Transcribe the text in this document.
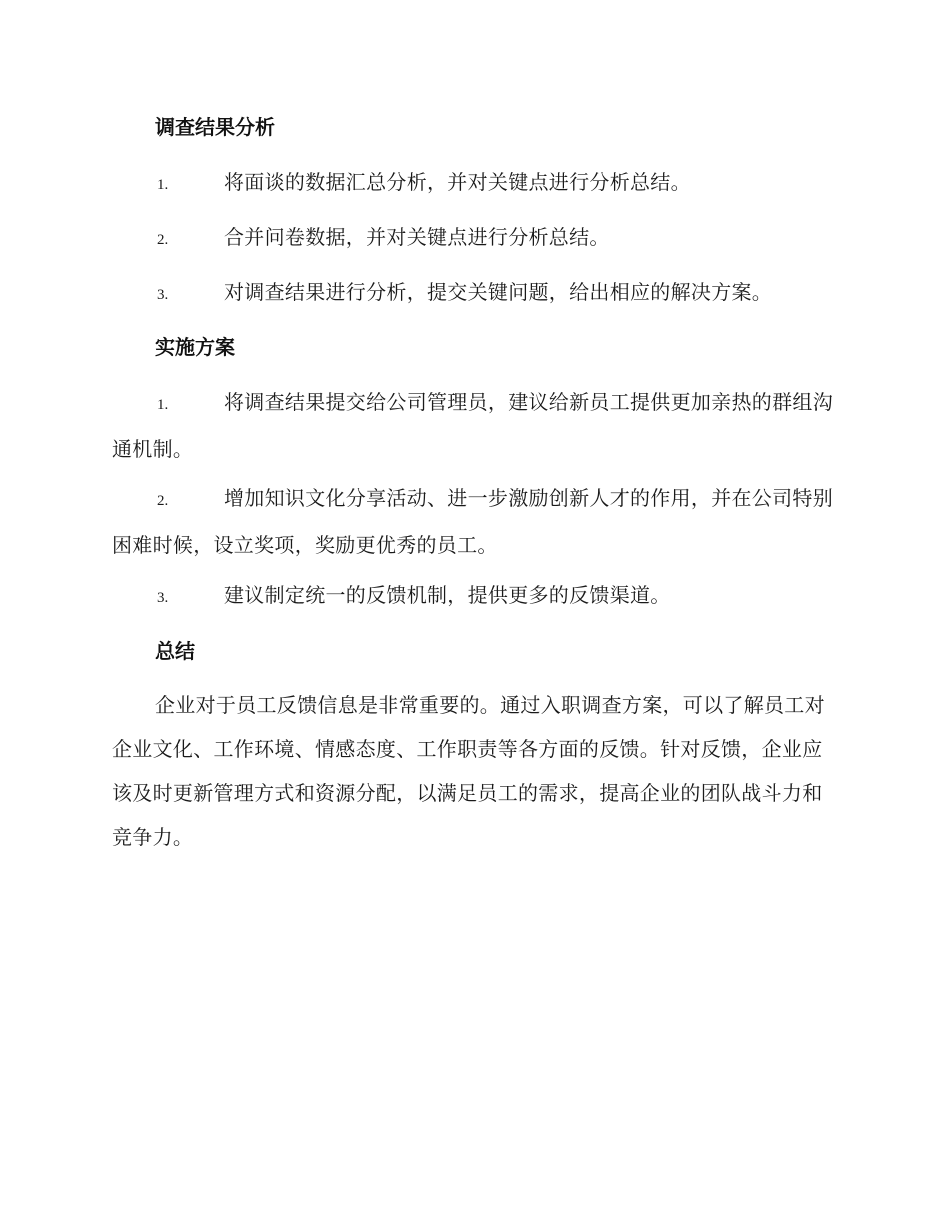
调查结果分析
1.	将面谈的数据汇总分析，并对关键点进行分析总结。
2.	合并问卷数据，并对关键点进行分析总结。
3.	对调查结果进行分析，提交关键问题，给出相应的解决方案。
实施方案
1.	将调查结果提交给公司管理员，建议给新员工提供更加亲热的群组沟通机制。
2.	增加知识文化分享活动、进一步激励创新人才的作用，并在公司特别困难时候，设立奖项，奖励更优秀的员工。
3.	建议制定统一的反馈机制，提供更多的反馈渠道。
总结
企业对于员工反馈信息是非常重要的。通过入职调查方案，可以了解员工对企业文化、工作环境、情感态度、工作职责等各方面的反馈。针对反馈，企业应该及时更新管理方式和资源分配，以满足员工的需求，提高企业的团队战斗力和竞争力。
